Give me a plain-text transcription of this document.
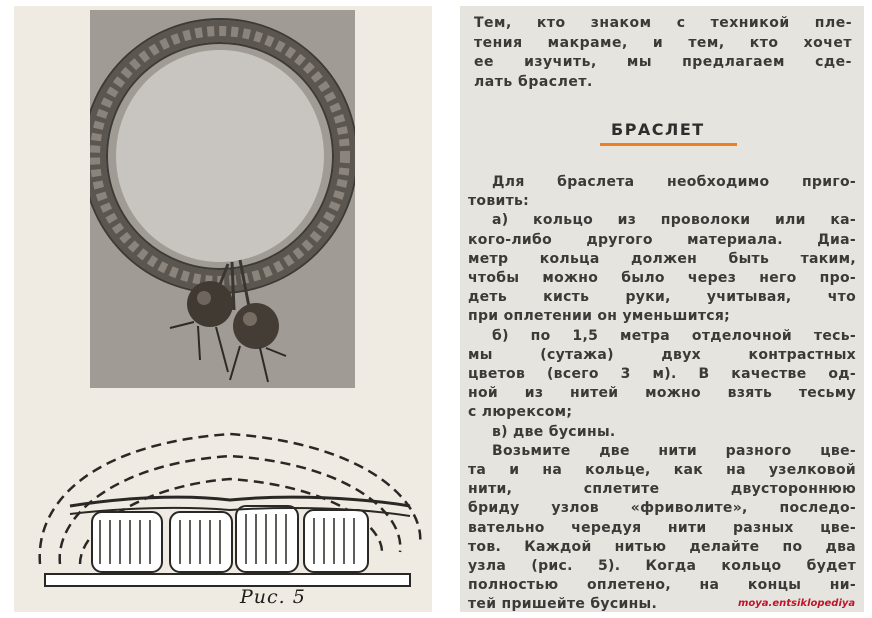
Рис. 5
Тем, кто знаком с техникой пле-
тения макраме, и тем, кто хочет
ее изучить, мы предлагаем сде-
лать браслет.
БРАСЛЕТ
Для браслета необходимо приго-
товить:
а) кольцо из проволоки или ка-
кого-либо другого материала. Диа-
метр кольца должен быть таким,
чтобы можно было через него про-
деть кисть руки, учитывая, что
при оплетении он уменьшится;
б) по 1,5 метра отделочной тесь-
мы (сутажа) двух контрастных
цветов (всего 3 м). В качестве од-
ной из нитей можно взять тесьму
с люрексом;
в) две бусины.
Возьмите две нити разного цве-
та и на кольце, как на узелковой
нити, сплетите двустороннюю
бриду узлов «фриволите», последо-
вательно чередуя нити разных цве-
тов. Каждой нитью делайте по два
узла (рис. 5). Когда кольцо будет
полностью оплетено, на концы ни-
тей пришейте бусины.	moya.entsiklopediya
